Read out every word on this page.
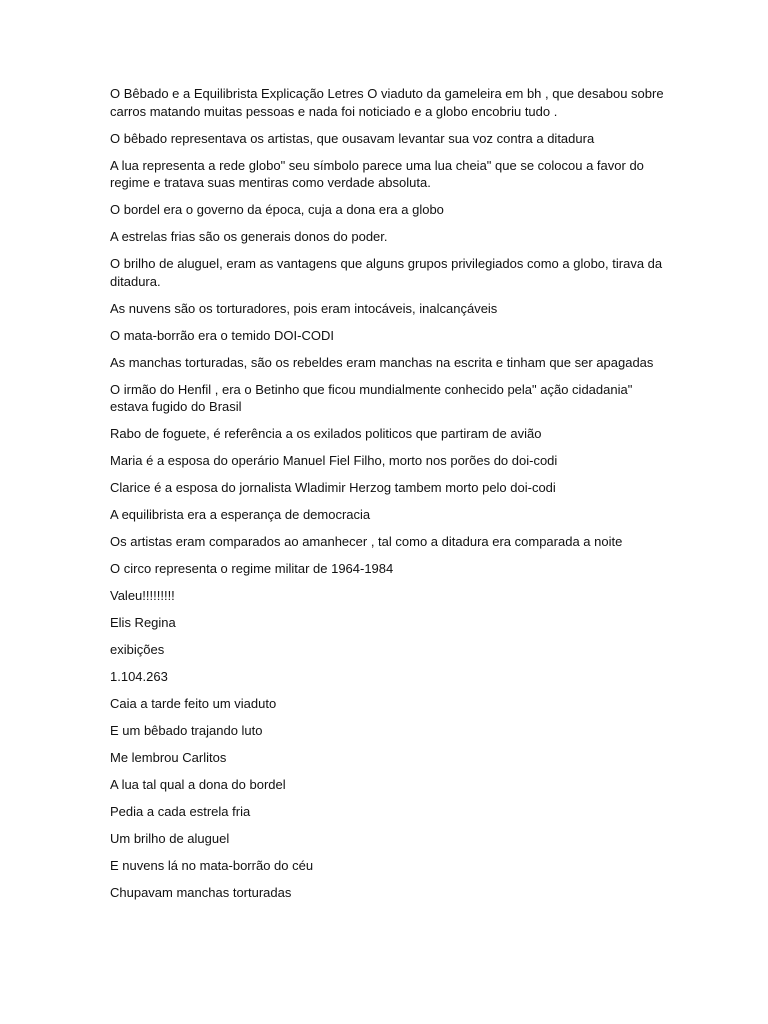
O Bêbado e a Equilibrista Explicação Letres O viaduto da gameleira em bh , que desabou sobre carros matando muitas pessoas e nada foi noticiado e a globo encobriu tudo .

O bêbado representava os artistas, que ousavam levantar sua voz contra a ditadura

A lua representa a rede globo" seu símbolo parece uma lua cheia" que se colocou a favor do regime e tratava suas mentiras como verdade absoluta.

O bordel era o governo da época, cuja a dona era a globo

A estrelas frias são os generais donos do poder.

O brilho de aluguel, eram as vantagens que alguns grupos privilegiados como a globo, tirava da ditadura.

As nuvens são os torturadores, pois eram intocáveis, inalcançáveis

O mata-borrão era o temido DOI-CODI

As manchas torturadas, são os rebeldes eram manchas na escrita e tinham que ser apagadas

O irmão do Henfil , era o Betinho que ficou mundialmente conhecido pela" ação cidadania" estava fugido do Brasil

Rabo de foguete, é referência a os exilados politicos que partiram de avião

Maria é a esposa do operário Manuel Fiel Filho, morto nos porões do doi-codi

Clarice é a esposa do jornalista Wladimir Herzog tambem morto pelo doi-codi

A equilibrista era a esperança de democracia

Os artistas eram comparados ao amanhecer , tal como a ditadura era comparada a noite

O circo representa o regime militar de 1964-1984

Valeu!!!!!!!!!

Elis Regina

exibições

1.104.263

Caia a tarde feito um viaduto

E um bêbado trajando luto

Me lembrou Carlitos

A lua tal qual a dona do bordel

Pedia a cada estrela fria

Um brilho de aluguel

E nuvens lá no mata-borrão do céu

Chupavam manchas torturadas
